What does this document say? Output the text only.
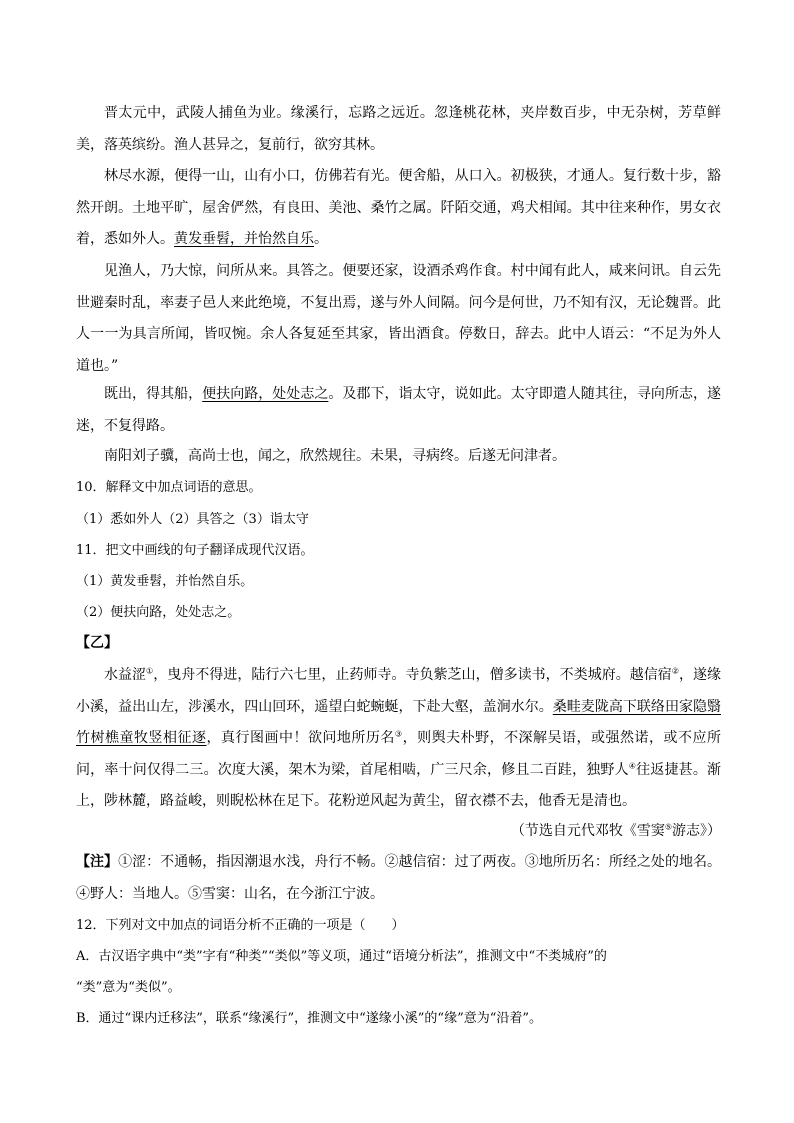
晋太元中，武陵人捕鱼为业。缘溪行，忘路之远近。忽逢桃花林，夹岸数百步，中无杂树，芳草鲜美，落英缤纷。渔人甚异之，复前行，欲穷其林。

林尽水源，便得一山，山有小口，仿佛若有光。便舍船，从口入。初极狭，才通人。复行数十步，豁然开朗。土地平旷，屋舍俨然，有良田、美池、桑竹之属。阡陌交通，鸡犬相闻。其中往来种作，男女衣着，悉如外人。黄发垂髫，并怡然自乐。

见渔人，乃大惊，问所从来。具答之。便要还家，设酒杀鸡作食。村中闻有此人，咸来问讯。自云先世避秦时乱，率妻子邑人来此绝境，不复出焉，遂与外人间隔。问今是何世，乃不知有汉，无论魏晋。此人一一为具言所闻，皆叹惋。余人各复延至其家，皆出酒食。停数日，辞去。此中人语云：“不足为外人道也。”

既出，得其船，便扶向路，处处志之。及郡下，诣太守，说如此。太守即遣人随其往，寻向所志，遂迷，不复得路。

南阳刘子骥，高尚士也，闻之，欣然规往。未果，寻病终。后遂无问津者。

10．解释文中加点词语的意思。

（1）悉如外人（2）具答之（3）诣太守

11．把文中画线的句子翻译成现代汉语。

（1）黄发垂髫，并怡然自乐。

（2）便扶向路，处处志之。

【乙】

水益涩①，曳舟不得进，陆行六七里，止药师寺。寺负紫芝山，僧多读书，不类城府。越信宿②，遂缘小溪，益出山左，涉溪水，四山回环，遥望白蛇蜿蜒，下赴大壑，盖涧水尔。桑畦麦陇高下联络田家隐翳竹树樵童牧竖相征逐，真行图画中！欲问地所历名③，则舆夫朴野，不深解吴语，或强然诺，或不应所问，率十问仅得二三。次度大溪，架木为梁，首尾相啮，广三尺余，修且二百跬，独野人④往返捷甚。渐上，陟林麓，路益峻，则睨松林在足下。花粉逆风起为黄尘，留衣襟不去，他香无是清也。

（节选自元代邓牧《雪窦⑤游志》）

【注】①涩：不通畅，指因潮退水浅，舟行不畅。②越信宿：过了两夜。③地所历名：所经之处的地名。④野人：当地人。⑤雪窦：山名，在今浙江宁波。

12．下列对文中加点的词语分析不正确的一项是（　　）

A．古汉语字典中“类”字有“种类”“类似”等义项，通过“语境分析法”，推测文中“不类城府”的

“类”意为“类似”。

B．通过“课内迁移法”，联系“缘溪行”，推测文中“遂缘小溪”的“缘”意为“沿着”。
